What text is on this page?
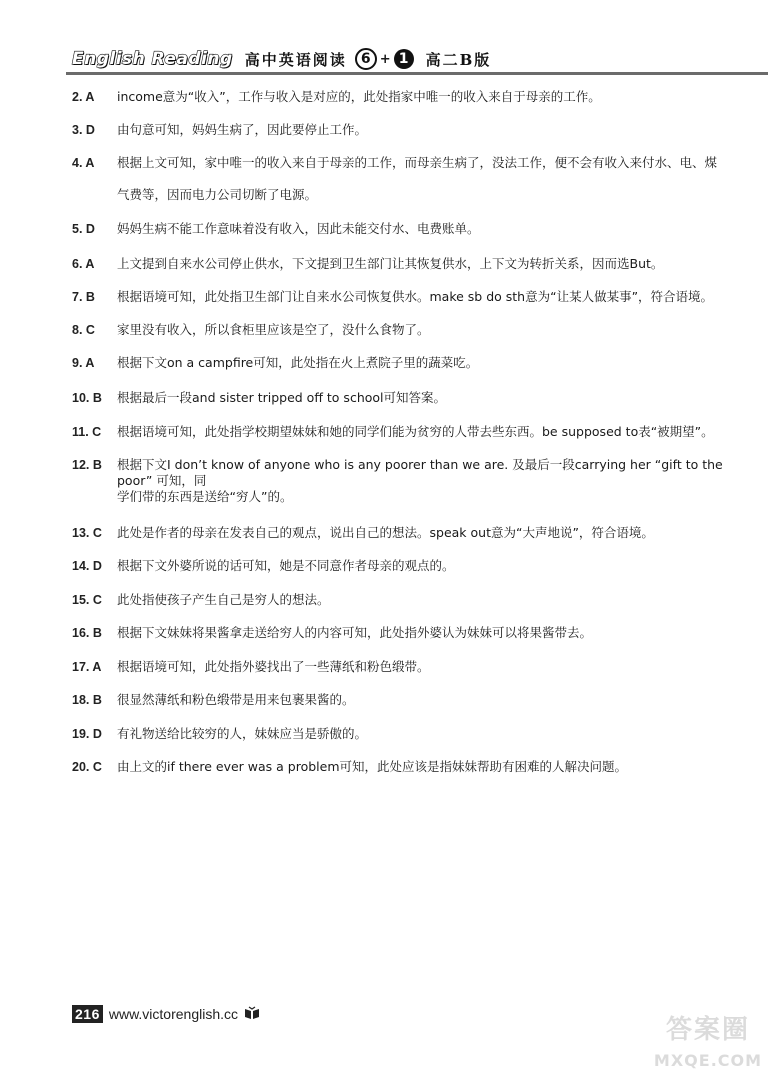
English Reading 高中英语阅读	6 + 1	高二B版
2. A	income意为“收入”，工作与收入是对应的，此处指家中唯一的收入来自于母亲的工作。
3. D	由句意可知，妈妈生病了，因此要停止工作。
4. A	根据上文可知，家中唯一的收入来自于母亲的工作，而母亲生病了，没法工作，便不会有收入来付水、电、煤
气费等，因而电力公司切断了电源。
5. D	妈妈生病不能工作意味着没有收入，因此未能交付水、电费账单。
6. A	上文提到自来水公司停止供水，下文提到卫生部门让其恢复供水，上下文为转折关系，因而选But。
7. B	根据语境可知，此处指卫生部门让自来水公司恢复供水。make sb do sth意为“让某人做某事”，符合语境。
8. C	家里没有收入，所以食柜里应该是空了，没什么食物了。
9. A	根据下文on a campfire可知，此处指在火上煮院子里的蔬菜吃。
10. B	根据最后一段and sister tripped off to school可知答案。
11. C	根据语境可知，此处指学校期望妹妹和她的同学们能为贫穷的人带去些东西。be supposed to表“被期望”。
12. B	根据下文I don’t know of anyone who is any poorer than we are. 及最后一段carrying her “gift to the poor” 可知，同
学们带的东西是送给“穷人”的。
13. C	此处是作者的母亲在发表自己的观点，说出自己的想法。speak out意为“大声地说”，符合语境。
14. D	根据下文外婆所说的话可知，她是不同意作者母亲的观点的。
15. C	此处指使孩子产生自己是穷人的想法。
16. B	根据下文妹妹将果酱拿走送给穷人的内容可知，此处指外婆认为妹妹可以将果酱带去。
17. A	根据语境可知，此处指外婆找出了一些薄纸和粉色缎带。
18. B	很显然薄纸和粉色缎带是用来包裹果酱的。
19. D	有礼物送给比较穷的人，妹妹应当是骄傲的。
20. C	由上文的if there ever was a problem可知，此处应该是指妹妹帮助有困难的人解决问题。
216 www.victorenglish.cc
答案圈
MXQE.COM
